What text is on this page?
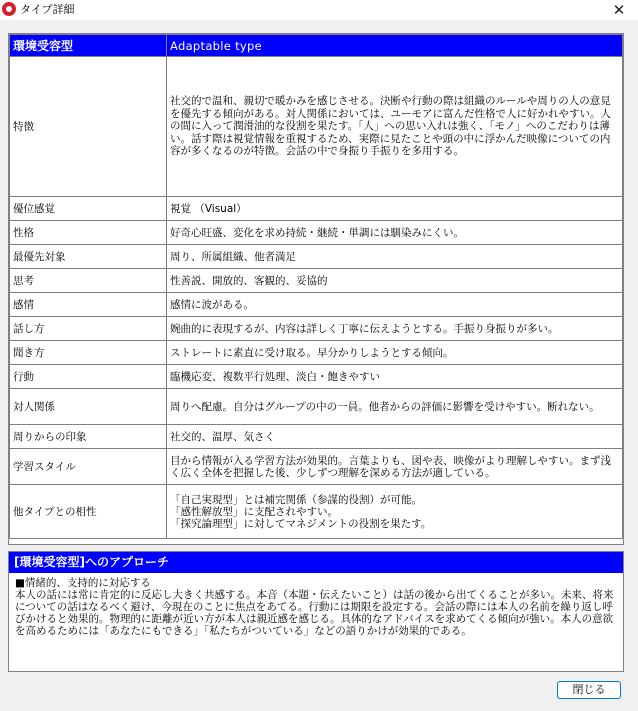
タイプ詳細	✕
環境受容型	Adaptable type
特徴	社交的で温和、親切で暖かみを感じさせる。決断や行動の際は組織のルールや周りの人の意見を優先する傾向がある。対人関係においては、ユーモアに富んだ性格で人に好かれやすい。人の間に入って潤滑油的な役割を果たす。「人」への思い入れは強く、「モノ」へのこだわりは薄い。話す際は視覚情報を重視するため、実際に見たことや頭の中に浮かんだ映像についての内容が多くなるのが特徴。会話の中で身振り手振りを多用する。
優位感覚	視覚 （Visual）
性格	好奇心旺盛、変化を求め持続・継続・単調には馴染みにくい。
最優先対象	周り、所属組織、他者満足
思考	性善説、開放的、客観的、妥協的
感情	感情に波がある。
話し方	婉曲的に表現するが、内容は詳しく丁寧に伝えようとする。手振り身振りが多い。
聞き方	ストレートに素直に受け取る。早分かりしようとする傾向。
行動	臨機応変、複数平行処理、淡白・飽きやすい
対人関係	周りへ配慮。自分はグループの中の一員。他者からの評価に影響を受けやすい。断れない。
周りからの印象	社交的、温厚、気さく
学習スタイル	目から情報が入る学習方法が効果的。言葉よりも、図や表、映像がより理解しやすい。まず浅く広く全体を把握した後、少しずつ理解を深める方法が適している。
他タイプとの相性	「自己実現型」とは補完関係（参謀的役割）が可能。
「感性解放型」に支配されやすい。
「探究論理型」に対してマネジメントの役割を果たす。
[環境受容型]へのアプローチ
■情緒的、支持的に対応する
本人の話には常に肯定的に反応し大きく共感する。本音（本題・伝えたいこと）は話の後から出てくることが多い。未来、将来についての話はなるべく避け、今現在のことに焦点をあてる。行動には期限を設定する。会話の際には本人の名前を繰り返し呼びかけると効果的。物理的に距離が近い方が本人は親近感を感じる。具体的なアドバイスを求めてくる傾向が強い。本人の意欲を高めるためには「あなたにもできる」「私たちがついている」などの語りかけが効果的である。
閉じる
